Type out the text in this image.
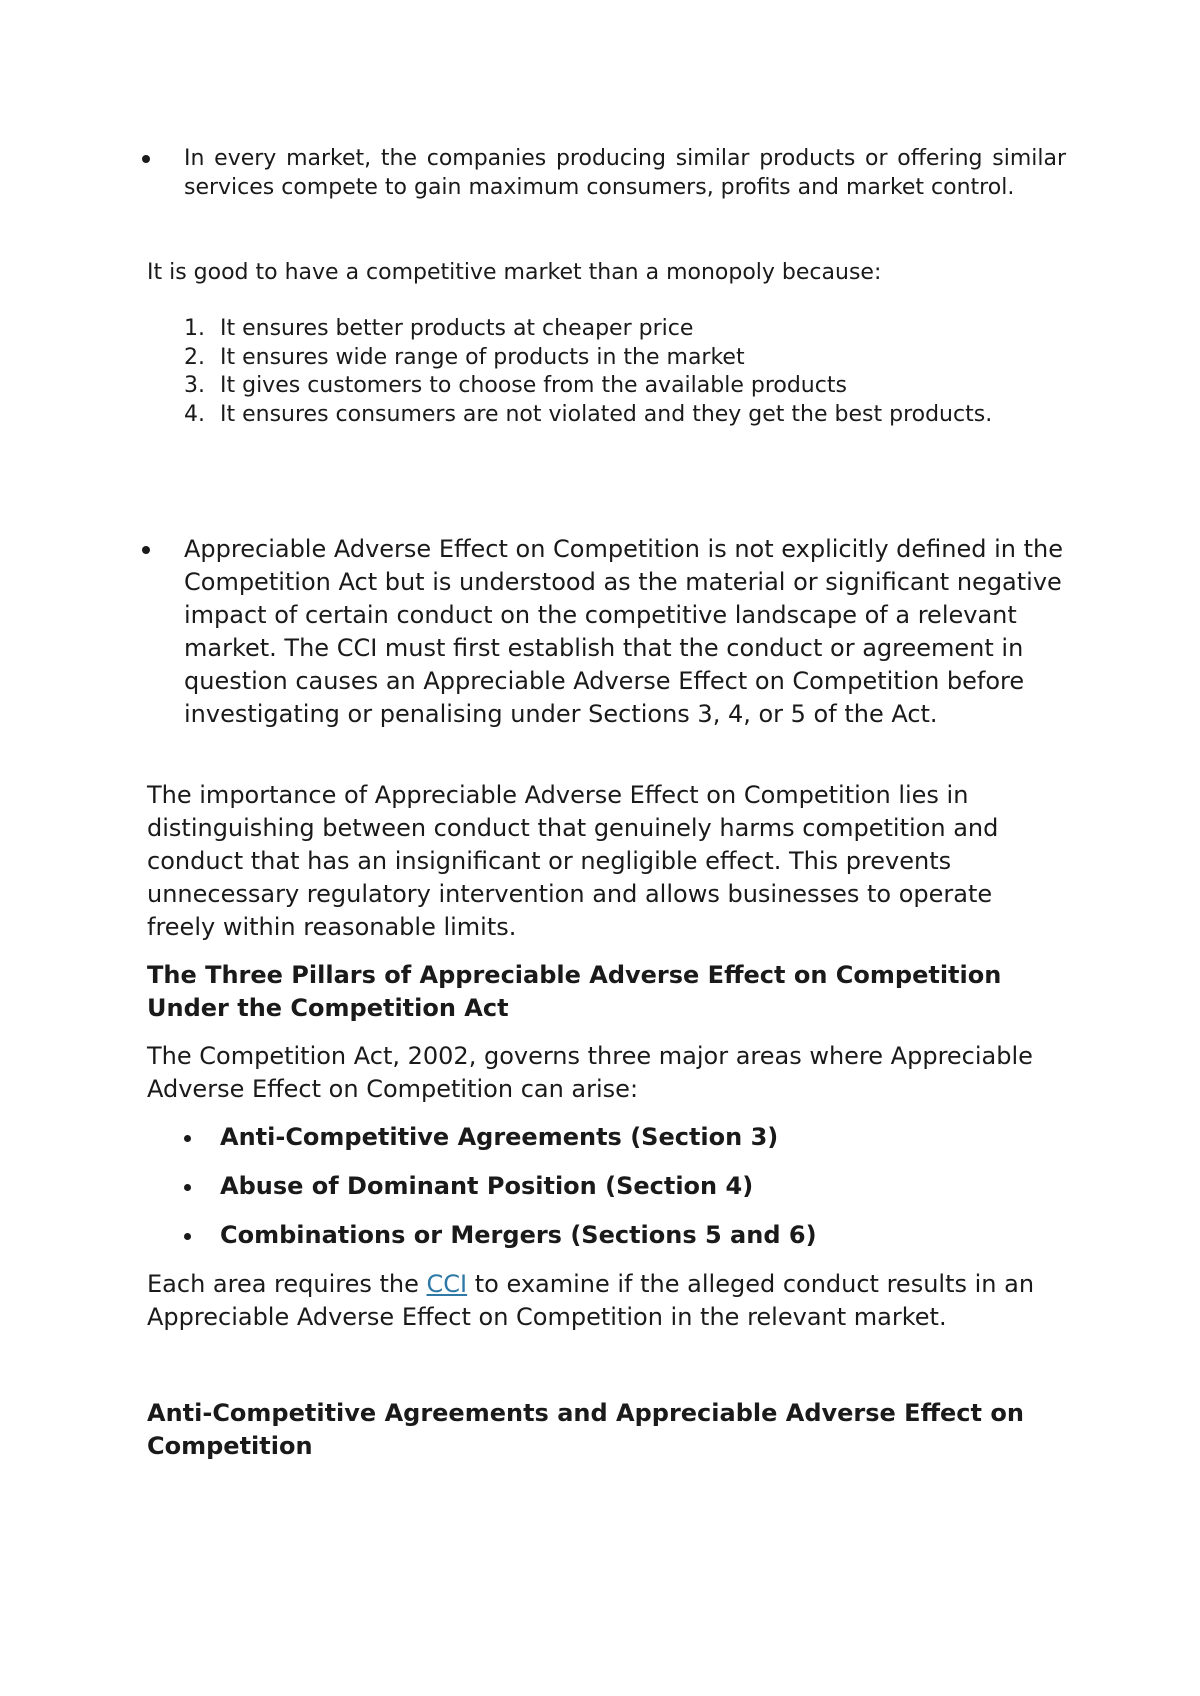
In every market, the companies producing similar products or offering similar services compete to gain maximum consumers, profits and market control.

It is good to have a competitive market than a monopoly because:

1. It ensures better products at cheaper price
2. It ensures wide range of products in the market
3. It gives customers to choose from the available products
4. It ensures consumers are not violated and they get the best products.

Appreciable Adverse Effect on Competition is not explicitly defined in the Competition Act but is understood as the material or significant negative impact of certain conduct on the competitive landscape of a relevant market. The CCI must first establish that the conduct or agreement in question causes an Appreciable Adverse Effect on Competition before investigating or penalising under Sections 3, 4, or 5 of the Act.

The importance of Appreciable Adverse Effect on Competition lies in distinguishing between conduct that genuinely harms competition and conduct that has an insignificant or negligible effect. This prevents unnecessary regulatory intervention and allows businesses to operate freely within reasonable limits.

The Three Pillars of Appreciable Adverse Effect on Competition Under the Competition Act

The Competition Act, 2002, governs three major areas where Appreciable Adverse Effect on Competition can arise:

Anti-Competitive Agreements (Section 3)
Abuse of Dominant Position (Section 4)
Combinations or Mergers (Sections 5 and 6)

Each area requires the CCI to examine if the alleged conduct results in an Appreciable Adverse Effect on Competition in the relevant market.

Anti-Competitive Agreements and Appreciable Adverse Effect on Competition
